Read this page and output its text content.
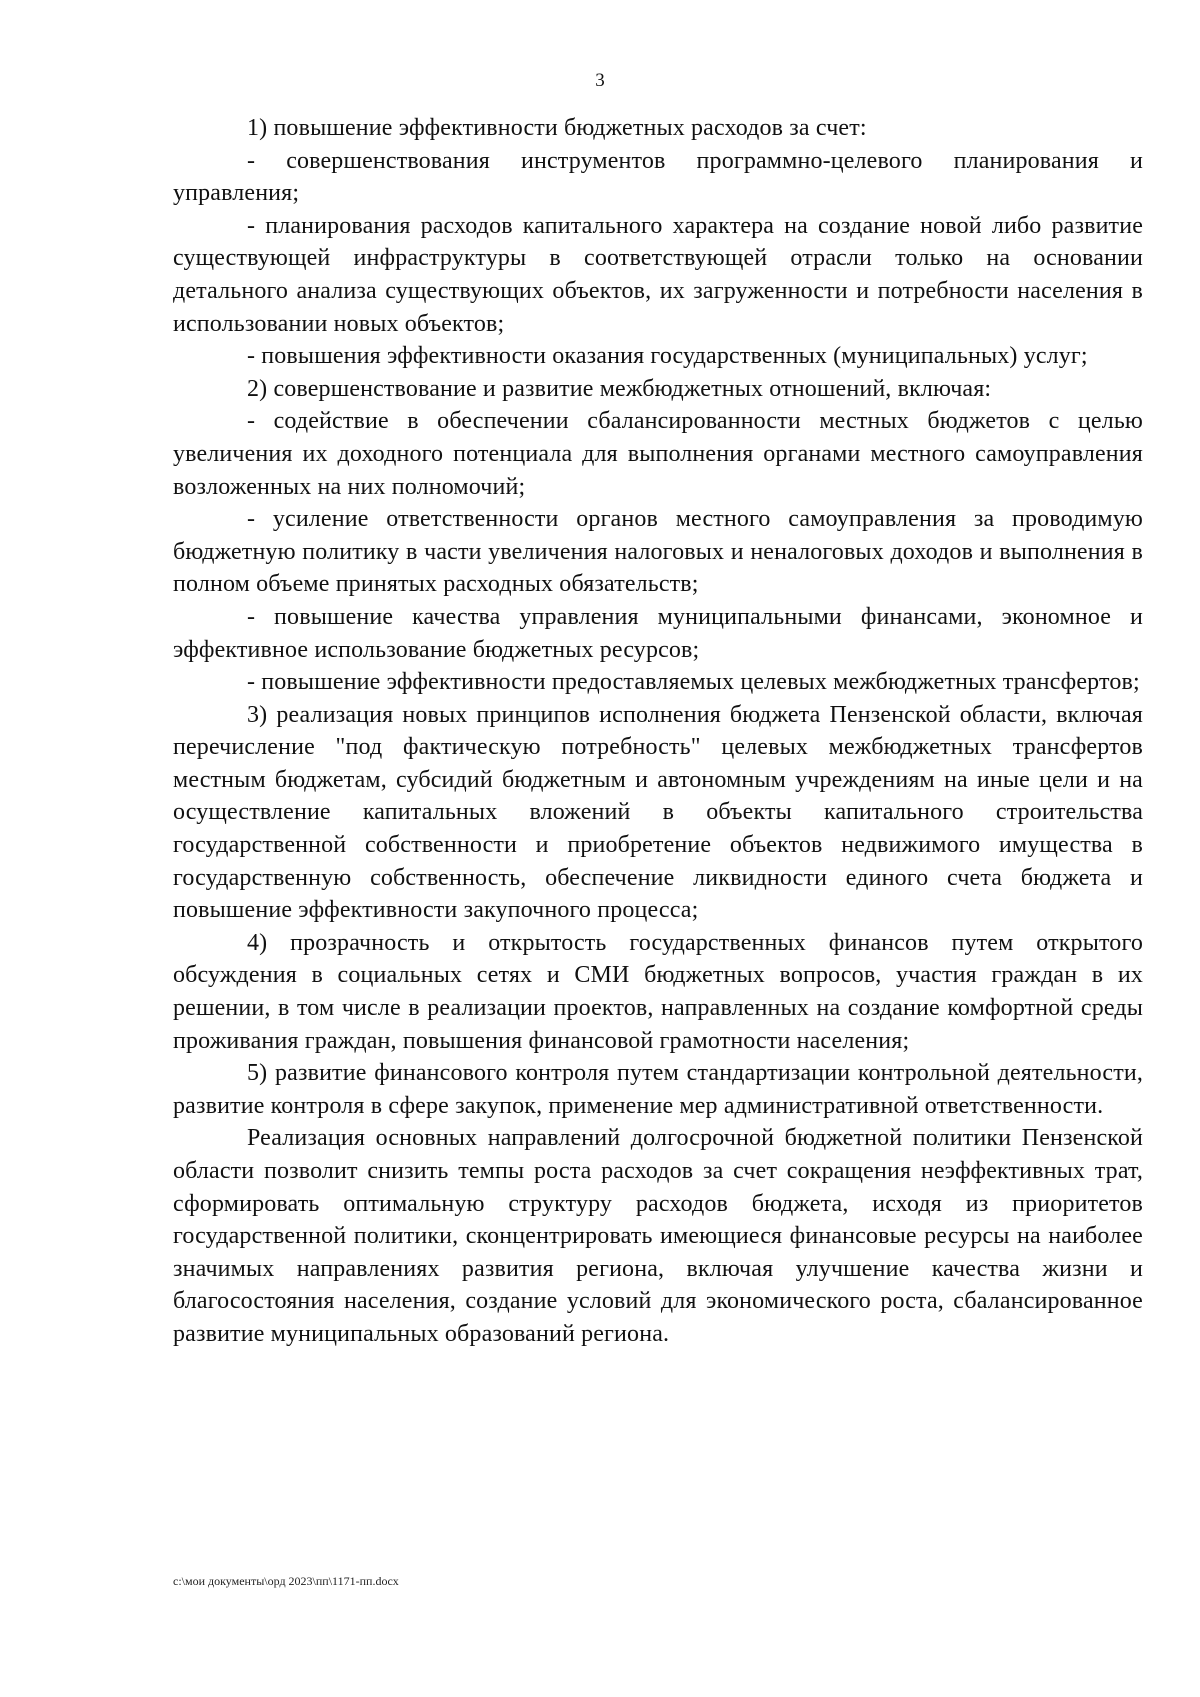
3

1) повышение эффективности бюджетных расходов за счет:

- совершенствования инструментов программно-целевого планирования и управления;

- планирования расходов капитального характера на создание новой либо развитие существующей инфраструктуры в соответствующей отрасли только на основании детального анализа существующих объектов, их загруженности и потребности населения в использовании новых объектов;

- повышения эффективности оказания государственных (муниципальных) услуг;

2) совершенствование и развитие межбюджетных отношений, включая:

- содействие в обеспечении сбалансированности местных бюджетов с целью увеличения их доходного потенциала для выполнения органами местного самоуправления возложенных на них полномочий;

- усиление ответственности органов местного самоуправления за проводимую бюджетную политику в части увеличения налоговых и неналоговых доходов и выполнения в полном объеме принятых расходных обязательств;

- повышение качества управления муниципальными финансами, экономное и эффективное использование бюджетных ресурсов;

- повышение эффективности предоставляемых целевых межбюджетных трансфертов;

3) реализация новых принципов исполнения бюджета Пензенской области, включая перечисление "под фактическую потребность" целевых межбюджетных трансфертов местным бюджетам, субсидий бюджетным и автономным учреждениям на иные цели и на осуществление капитальных вложений в объекты капитального строительства государственной собственности и приобретение объектов недвижимого имущества в государственную собственность, обеспечение ликвидности единого счета бюджета и повышение эффективности закупочного процесса;

4) прозрачность и открытость государственных финансов путем открытого обсуждения в социальных сетях и СМИ бюджетных вопросов, участия граждан в их решении, в том числе в реализации проектов, направленных на создание комфортной среды проживания граждан, повышения финансовой грамотности населения;

5) развитие финансового контроля путем стандартизации контрольной деятельности, развитие контроля в сфере закупок, применение мер административной ответственности.

Реализация основных направлений долгосрочной бюджетной политики Пензенской области позволит снизить темпы роста расходов за счет сокращения неэффективных трат, сформировать оптимальную структуру расходов бюджета, исходя из приоритетов государственной политики, сконцентрировать имеющиеся финансовые ресурсы на наиболее значимых направлениях развития региона, включая улучшение качества жизни и благосостояния населения, создание условий для экономического роста, сбалансированное развитие муниципальных образований региона.

c:\мои документы\орд 2023\пп\1171-пп.docx
